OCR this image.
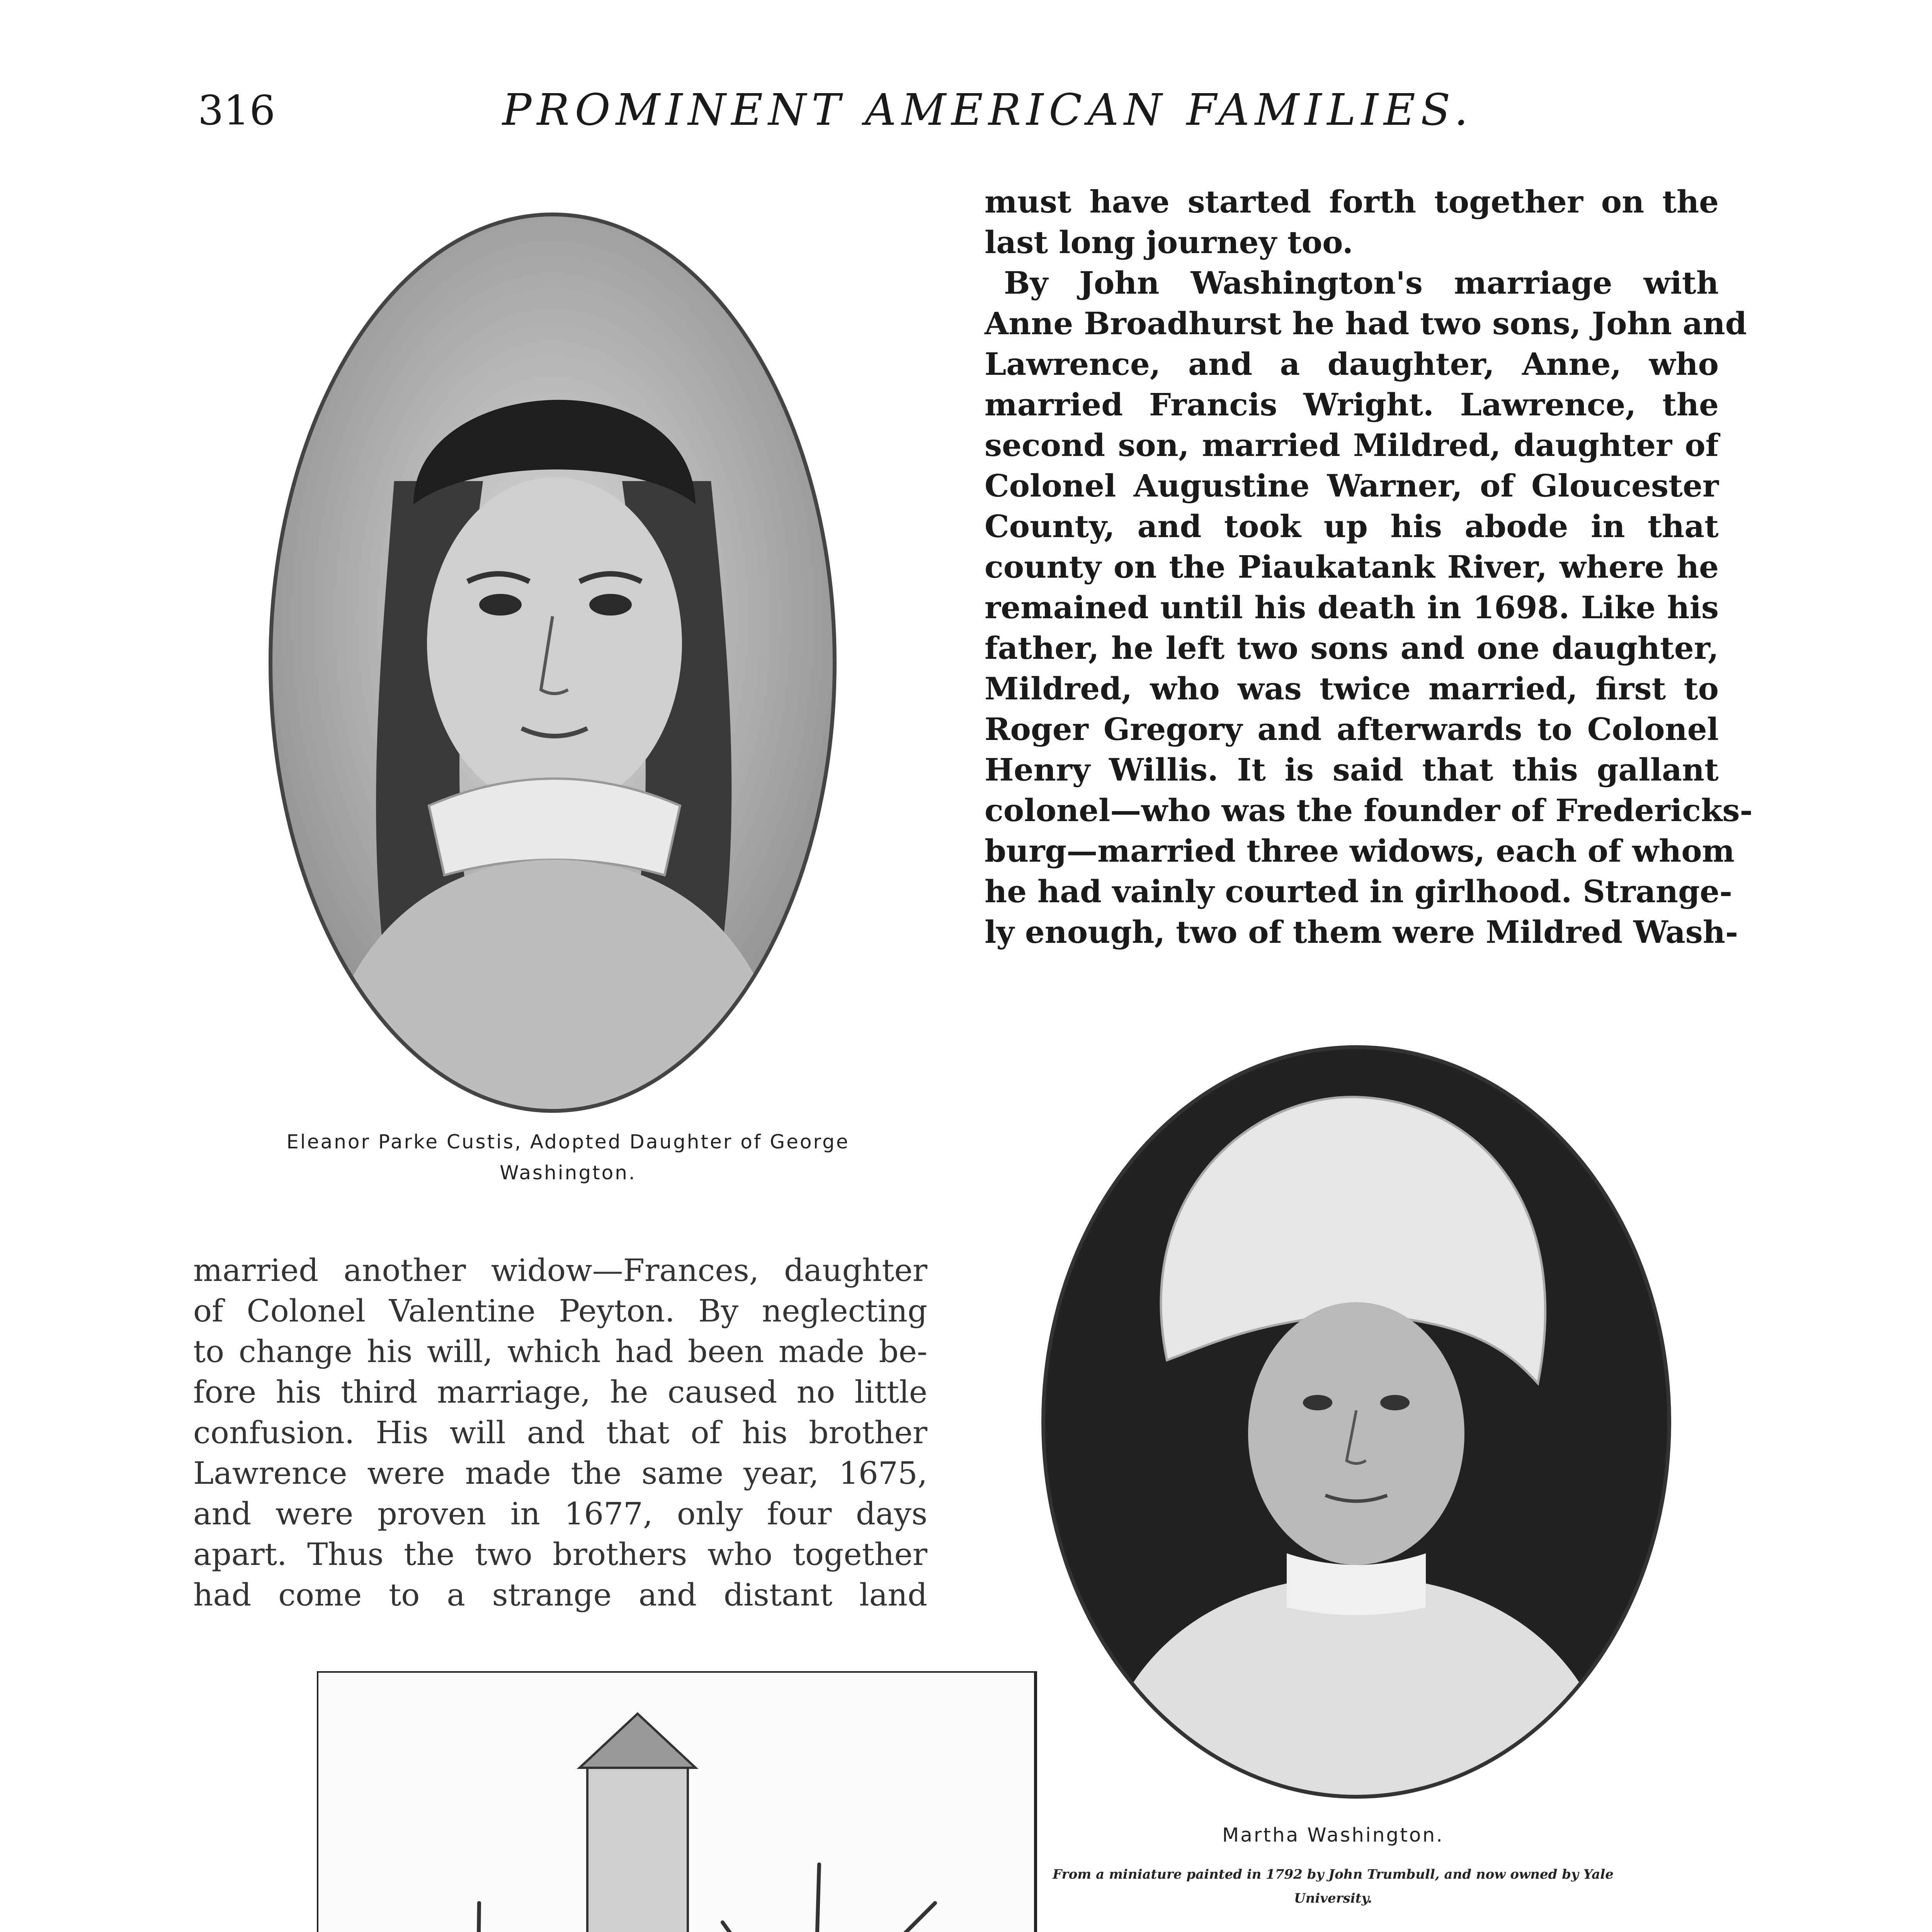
316	PROMINENT AMERICAN FAMILIES.
must have started forth together on the
last long journey too.
By John Washington's marriage with
Anne Broadhurst he had two sons, John and
Lawrence, and a daughter, Anne, who
married Francis Wright. Lawrence, the
second son, married Mildred, daughter of
Colonel Augustine Warner, of Gloucester
County, and took up his abode in that
county on the Piaukatank River, where he
remained until his death in 1698. Like his
father, he left two sons and one daughter,
Mildred, who was twice married, first to
Roger Gregory and afterwards to Colonel
Henry Willis. It is said that this gallant
colonel—who was the founder of Fredericks-
burg—married three widows, each of whom
he had vainly courted in girlhood. Strange-
ly enough, two of them were Mildred Wash-
Eleanor Parke Custis, Adopted Daughter of George Washington.
married another widow—Frances, daughter
of Colonel Valentine Peyton. By neglecting
to change his will, which had been made be-
fore his third marriage, he caused no little
confusion. His will and that of his brother
Lawrence were made the same year, 1675,
and were proven in 1677, only four days
apart. Thus the two brothers who together
had come to a strange and distant land
Martha Washington.
From a miniature painted in 1792 by John Trumbull, and now owned by Yale University.
